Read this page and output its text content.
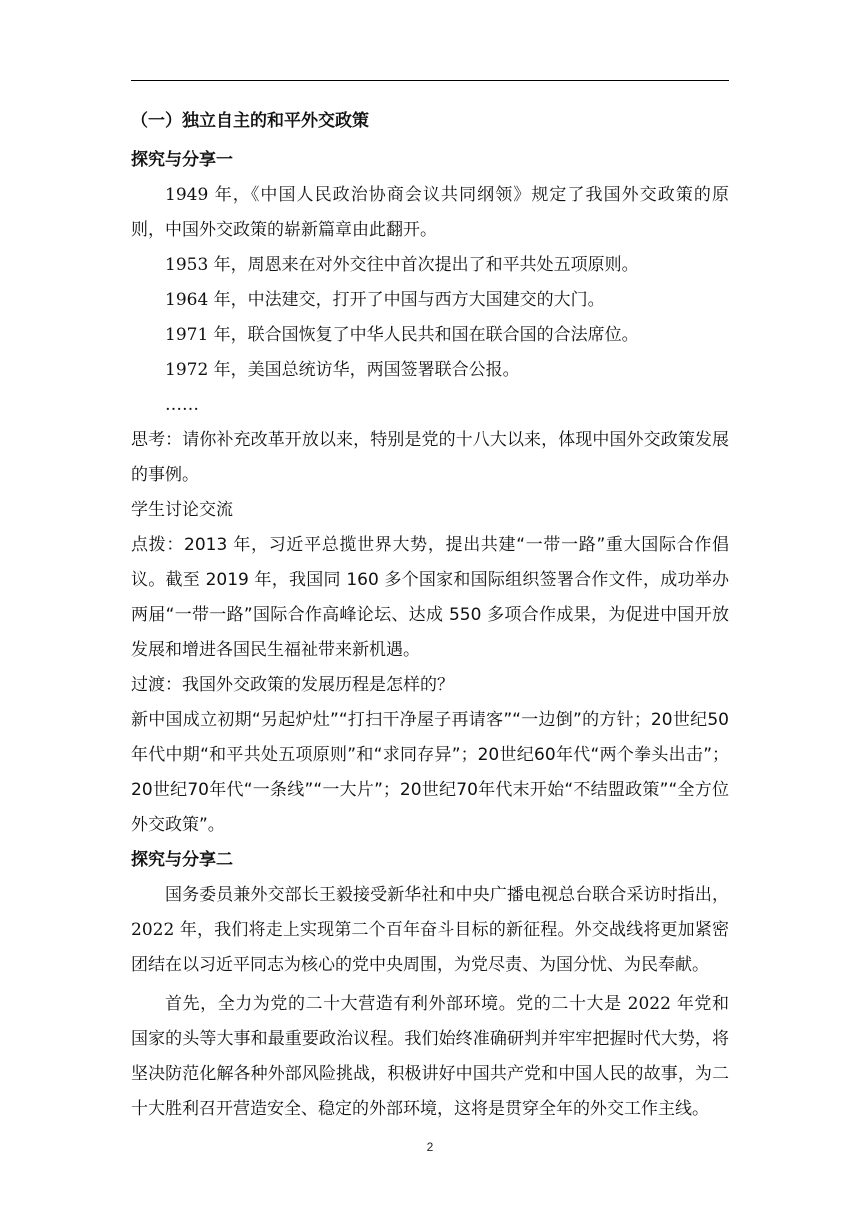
（一）独立自主的和平外交政策

探究与分享一

1949 年，《中国人民政治协商会议共同纲领》规定了我国外交政策的原则，中国外交政策的崭新篇章由此翻开。

1953 年，周恩来在对外交往中首次提出了和平共处五项原则。

1964 年，中法建交，打开了中国与西方大国建交的大门。

1971 年，联合国恢复了中华人民共和国在联合国的合法席位。

1972 年，美国总统访华，两国签署联合公报。

……

思考：请你补充改革开放以来，特别是党的十八大以来，体现中国外交政策发展的事例。

学生讨论交流

点拨：2013 年，习近平总揽世界大势，提出共建“一带一路”重大国际合作倡议。截至 2019 年，我国同 160 多个国家和国际组织签署合作文件，成功举办两届“一带一路”国际合作高峰论坛、达成 550 多项合作成果，为促进中国开放发展和增进各国民生福祉带来新机遇。

过渡：我国外交政策的发展历程是怎样的？

新中国成立初期“另起炉灶”“打扫干净屋子再请客”“一边倒”的方针；20世纪50年代中期“和平共处五项原则”和“求同存异”；20世纪60年代“两个拳头出击”；20世纪70年代“一条线”“一大片”；20世纪70年代末开始“不结盟政策”“全方位外交政策”。

探究与分享二

国务委员兼外交部长王毅接受新华社和中央广播电视总台联合采访时指出，2022 年，我们将走上实现第二个百年奋斗目标的新征程。外交战线将更加紧密团结在以习近平同志为核心的党中央周围，为党尽责、为国分忧、为民奉献。

首先，全力为党的二十大营造有利外部环境。党的二十大是 2022 年党和国家的头等大事和最重要政治议程。我们始终准确研判并牢牢把握时代大势，将坚决防范化解各种外部风险挑战，积极讲好中国共产党和中国人民的故事，为二十大胜利召开营造安全、稳定的外部环境，这将是贯穿全年的外交工作主线。

2
